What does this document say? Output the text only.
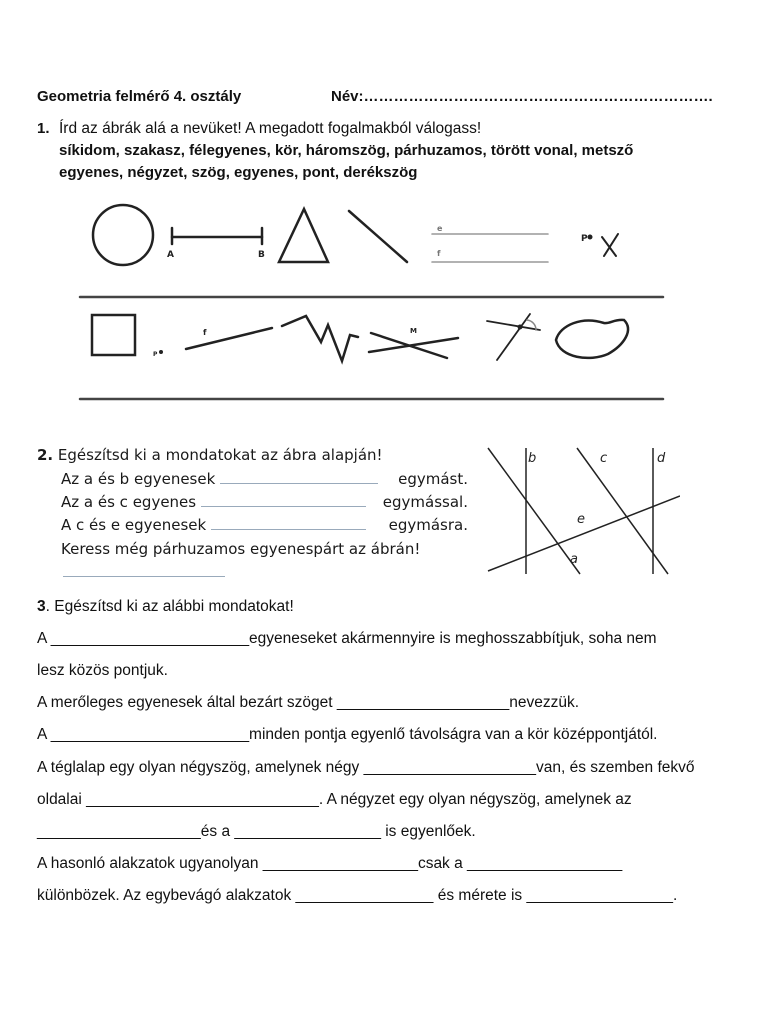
Geometria felmérő 4. osztály	Név:…………………………………………………………….
1. Írd az ábrák alá a nevüket! A megadott fogalmakból válogass!
síkidom, szakasz, félegyenes, kör, háromszög, párhuzamos, törött vonal, metsző
egyenes, négyzet, szög, egyenes, pont, derékszög
A	B
e
f
P
f
P
M
2. Egészítsd ki a mondatokat az ábra alapján!
Az a és b egyenesek	egymást.
Az a és c egyenes	egymással.
A c és e egyenesek	egymásra.
Keress még párhuzamos egyenespárt az ábrán!
b	c	d
e
a
3. Egészítsd ki az alábbi mondatokat!
A _______________________egyeneseket akármennyire is meghosszabbítjuk, soha nem
lesz közös pontjuk.
A merőleges egyenesek által bezárt szöget ____________________nevezzük.
A _______________________minden pontja egyenlő távolságra van a kör középpontjától.
A téglalap egy olyan négyszög, amelynek négy ____________________van, és szemben fekvő
oldalai ___________________________. A négyzet egy olyan négyszög, amelynek az
___________________és a _________________ is egyenlőek.
A hasonló alakzatok ugyanolyan __________________csak a __________________
különbözek. Az egybevágó alakzatok ________________ és mérete is _________________.
